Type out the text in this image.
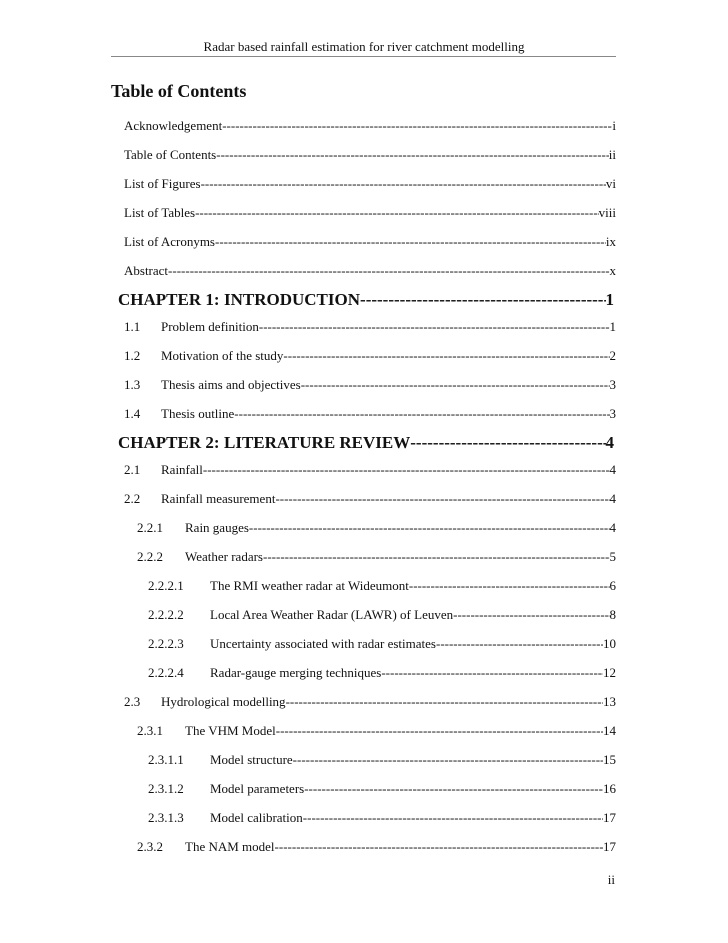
Radar based rainfall estimation for river catchment modelling
Table of Contents
Acknowledgement -----	i
Table of Contents -----	ii
List of Figures -----	vi
List of Tables -----	viii
List of Acronyms -----	ix
Abstract -----	x
CHAPTER 1: INTRODUCTION -----	1
1.1	Problem definition -----	1
1.2	Motivation of the study -----	2
1.3	Thesis aims and objectives -----	3
1.4	Thesis outline -----	3
CHAPTER 2: LITERATURE REVIEW -----	4
2.1	Rainfall -----	4
2.2	Rainfall measurement -----	4
2.2.1	Rain gauges -----	4
2.2.2	Weather radars -----	5
2.2.2.1	The RMI weather radar at Wideumont -----	6
2.2.2.2	Local Area Weather Radar (LAWR) of Leuven -----	8
2.2.2.3	Uncertainty associated with radar estimates -----	10
2.2.2.4	Radar-gauge merging techniques -----	12
2.3	Hydrological modelling -----	13
2.3.1	The VHM Model -----	14
2.3.1.1	Model structure -----	15
2.3.1.2	Model parameters -----	16
2.3.1.3	Model calibration -----	17
2.3.2	The NAM model -----	17
ii
